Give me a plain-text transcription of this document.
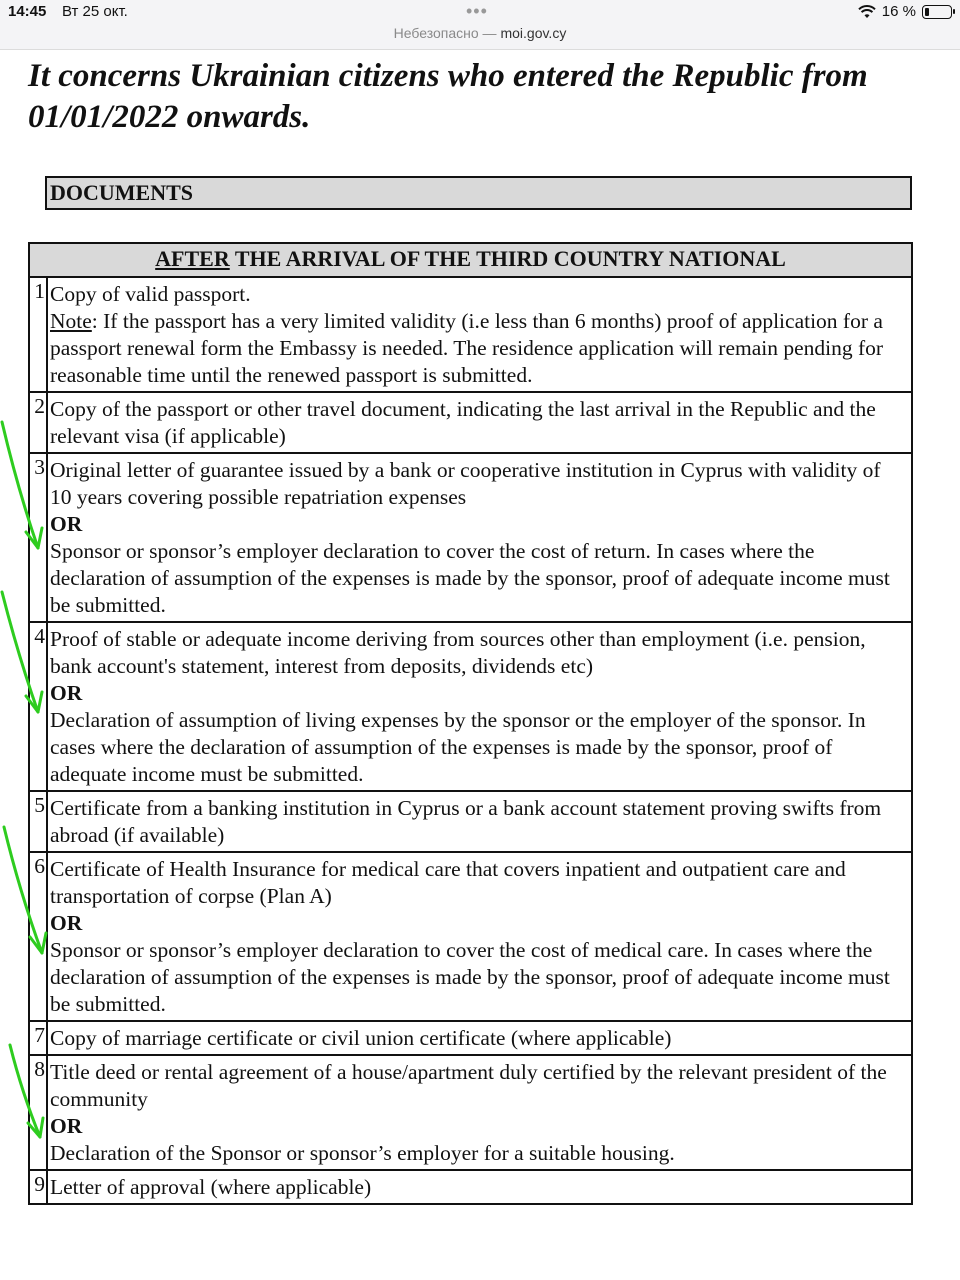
14:45 Вт 25 окт.	•••
Небезопасно — moi.gov.cy
16 %
It concerns Ukrainian citizens who entered the Republic from 01/01/2022 onwards.
DOCUMENTS
AFTER THE ARRIVAL OF THE THIRD COUNTRY NATIONAL	
1	Copy of valid passport.
Note: If the passport has a very limited validity (i.e less than 6 months) proof of application for a passport renewal form the Embassy is needed. The residence application will remain pending for reasonable time until the renewed passport is submitted.
2	Copy of the passport or other travel document, indicating the last arrival in the Republic and the relevant visa (if applicable)
3	Original letter of guarantee issued by a bank or cooperative institution in Cyprus with validity of 10 years covering possible repatriation expenses
OR
Sponsor or sponsor’s employer declaration to cover the cost of return. In cases where the declaration of assumption of the expenses is made by the sponsor, proof of adequate income must be submitted.
4	Proof of stable or adequate income deriving from sources other than employment (i.e. pension, bank account's statement, interest from deposits, dividends etc)
OR
Declaration of assumption of living expenses by the sponsor or the employer of the sponsor. In cases where the declaration of assumption of the expenses is made by the sponsor, proof of adequate income must be submitted.
5	Certificate from a banking institution in Cyprus or a bank account statement proving swifts from abroad (if available)
6	Certificate of Health Insurance for medical care that covers inpatient and outpatient care and transportation of corpse (Plan A)
OR
Sponsor or sponsor’s employer declaration to cover the cost of medical care. In cases where the declaration of assumption of the expenses is made by the sponsor, proof of adequate income must be submitted.
7	Copy of marriage certificate or civil union certificate (where applicable)
8	Title deed or rental agreement of a house/apartment duly certified by the relevant president of the community
OR
Declaration of the Sponsor or sponsor’s employer for a suitable housing.
9	Letter of approval (where applicable)
